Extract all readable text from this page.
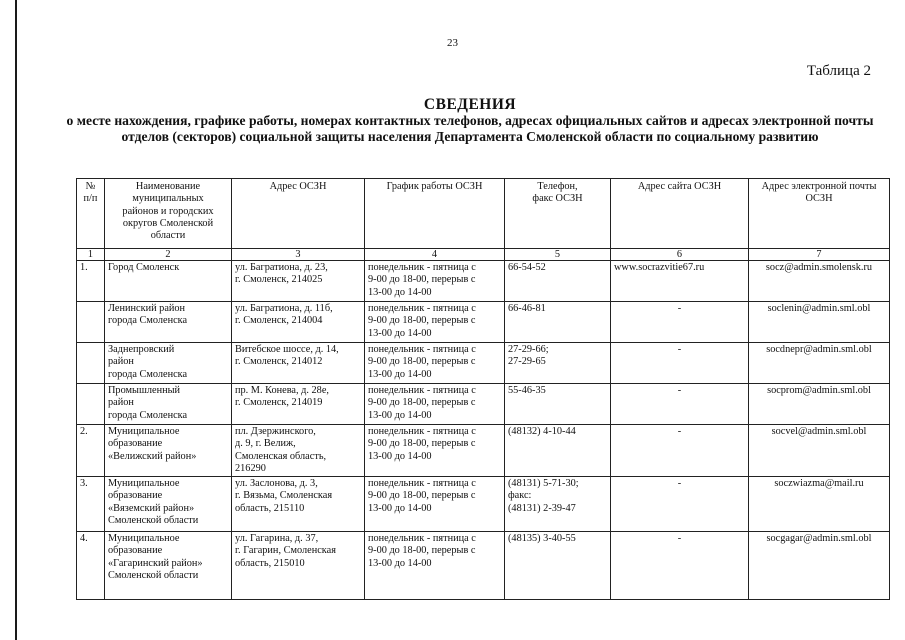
23
Таблица 2
СВЕДЕНИЯ
о месте нахождения, графике работы, номерах контактных телефонов, адресах официальных сайтов и адресах электронной почты отделов (секторов) социальной защиты населения Департамента Смоленской области по социальному развитию
№
п/п	Наименование
муниципальных
районов и городских
округов Смоленской
области	Адрес ОСЗН	График работы ОСЗН	Телефон,
факс ОСЗН	Адрес сайта ОСЗН	Адрес электронной почты
ОСЗН
1	2	3	4	5	6	7
1.	Город Смоленск	ул. Багратиона, д. 23,
г. Смоленск, 214025	понедельник - пятница с
9-00 до 18-00, перерыв с
13-00 до 14-00	66-54-52	www.socrazvitie67.ru	socz@admin.smolensk.ru
	Ленинский район
города Смоленска	ул. Багратиона, д. 11б,
г. Смоленск, 214004	понедельник - пятница с
9-00 до 18-00, перерыв с
13-00 до 14-00	66-46-81	-	soclenin@admin.sml.obl
	Заднепровский
район
города Смоленска	Витебское шоссе, д. 14,
г. Смоленск, 214012	понедельник - пятница с
9-00 до 18-00, перерыв с
13-00 до 14-00	27-29-66;
27-29-65	-	socdnepr@admin.sml.obl
	Промышленный
район
города Смоленска	пр. М. Конева, д. 28е,
г. Смоленск, 214019	понедельник - пятница с
9-00 до 18-00, перерыв с
13-00 до 14-00	55-46-35	-	socprom@admin.sml.obl
2.	Муниципальное
образование
«Велижский район»	пл. Дзержинского,
д. 9, г. Велиж,
Смоленская область,
216290	понедельник - пятница с
9-00 до 18-00, перерыв с
13-00 до 14-00	(48132) 4-10-44	-	socvel@admin.sml.obl
3.	Муниципальное
образование
«Вяземский район»
Смоленской области	ул. Заслонова, д. 3,
г. Вязьма, Смоленская
область, 215110	понедельник - пятница с
9-00 до 18-00, перерыв с
13-00 до 14-00	(48131) 5-71-30;
факс:
(48131) 2-39-47	-	soczwiazma@mail.ru
4.	Муниципальное
образование
«Гагаринский район»
Смоленской области	ул. Гагарина, д. 37,
г. Гагарин, Смоленская
область, 215010	понедельник - пятница с
9-00 до 18-00, перерыв с
13-00 до 14-00	(48135) 3-40-55	-	socgagar@admin.sml.obl
